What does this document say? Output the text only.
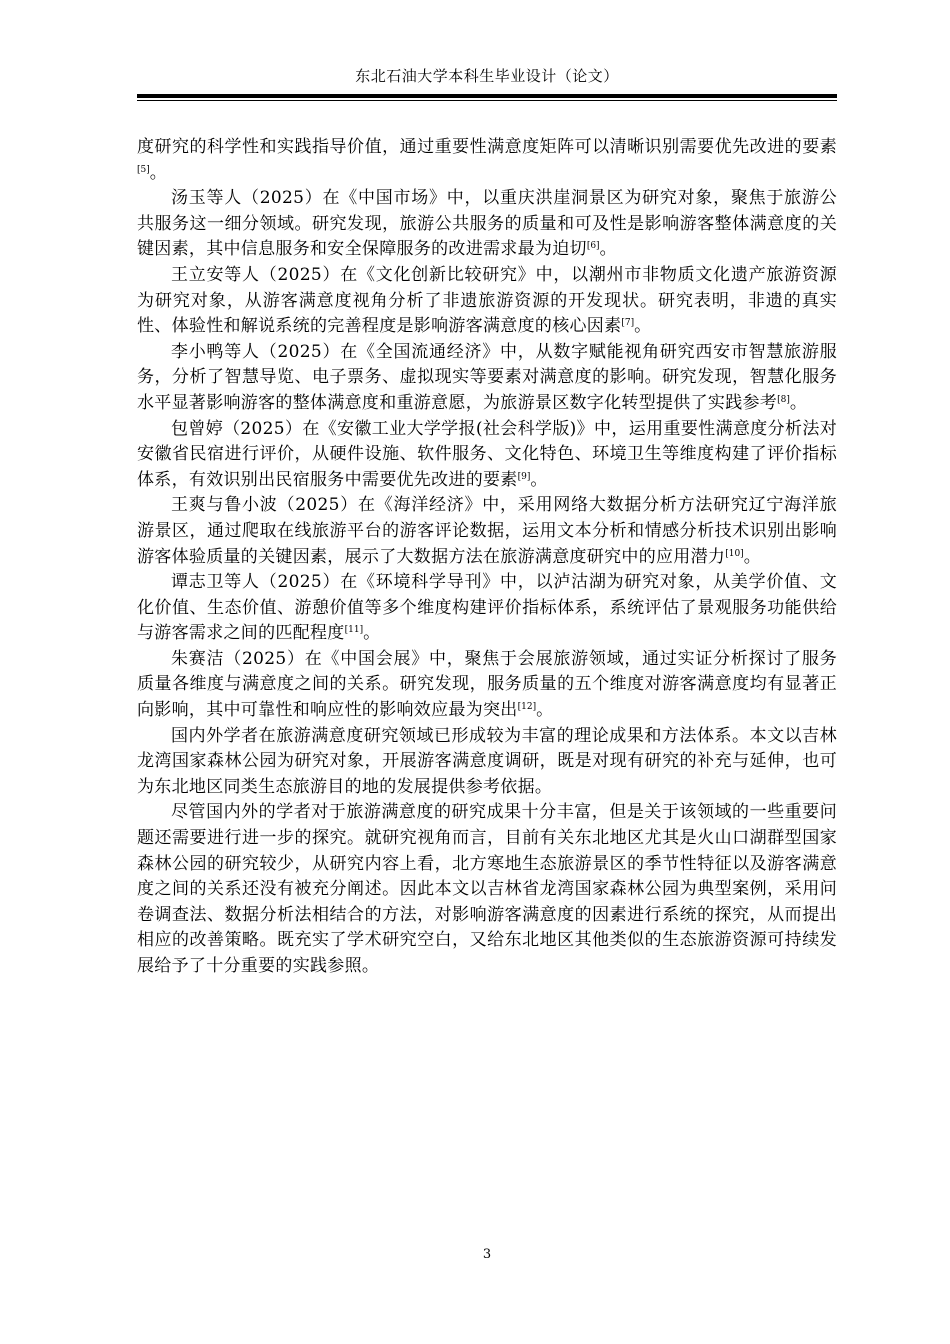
东北石油大学本科生毕业设计（论文）

度研究的科学性和实践指导价值，通过重要性满意度矩阵可以清晰识别需要优先改进的要素[5]。

汤玉等人（2025）在《中国市场》中，以重庆洪崖洞景区为研究对象，聚焦于旅游公共服务这一细分领域。研究发现，旅游公共服务的质量和可及性是影响游客整体满意度的关键因素，其中信息服务和安全保障服务的改进需求最为迫切[6]。

王立安等人（2025）在《文化创新比较研究》中，以潮州市非物质文化遗产旅游资源为研究对象，从游客满意度视角分析了非遗旅游资源的开发现状。研究表明，非遗的真实性、体验性和解说系统的完善程度是影响游客满意度的核心因素[7]。

李小鸭等人（2025）在《全国流通经济》中，从数字赋能视角研究西安市智慧旅游服务，分析了智慧导览、电子票务、虚拟现实等要素对满意度的影响。研究发现，智慧化服务水平显著影响游客的整体满意度和重游意愿，为旅游景区数字化转型提供了实践参考[8]。

包曾婷（2025）在《安徽工业大学学报(社会科学版)》中，运用重要性满意度分析法对安徽省民宿进行评价，从硬件设施、软件服务、文化特色、环境卫生等维度构建了评价指标体系，有效识别出民宿服务中需要优先改进的要素[9]。

王爽与鲁小波（2025）在《海洋经济》中，采用网络大数据分析方法研究辽宁海洋旅游景区，通过爬取在线旅游平台的游客评论数据，运用文本分析和情感分析技术识别出影响游客体验质量的关键因素，展示了大数据方法在旅游满意度研究中的应用潜力[10]。

谭志卫等人（2025）在《环境科学导刊》中，以泸沽湖为研究对象，从美学价值、文化价值、生态价值、游憩价值等多个维度构建评价指标体系，系统评估了景观服务功能供给与游客需求之间的匹配程度[11]。

朱赛洁（2025）在《中国会展》中，聚焦于会展旅游领域，通过实证分析探讨了服务质量各维度与满意度之间的关系。研究发现，服务质量的五个维度对游客满意度均有显著正向影响，其中可靠性和响应性的影响效应最为突出[12]。

国内外学者在旅游满意度研究领域已形成较为丰富的理论成果和方法体系。本文以吉林龙湾国家森林公园为研究对象，开展游客满意度调研，既是对现有研究的补充与延伸，也可为东北地区同类生态旅游目的地的发展提供参考依据。

尽管国内外的学者对于旅游满意度的研究成果十分丰富，但是关于该领域的一些重要问题还需要进行进一步的探究。就研究视角而言，目前有关东北地区尤其是火山口湖群型国家森林公园的研究较少，从研究内容上看，北方寒地生态旅游景区的季节性特征以及游客满意度之间的关系还没有被充分阐述。因此本文以吉林省龙湾国家森林公园为典型案例，采用问卷调查法、数据分析法相结合的方法，对影响游客满意度的因素进行系统的探究，从而提出相应的改善策略。既充实了学术研究空白，又给东北地区其他类似的生态旅游资源可持续发展给予了十分重要的实践参照。

3
